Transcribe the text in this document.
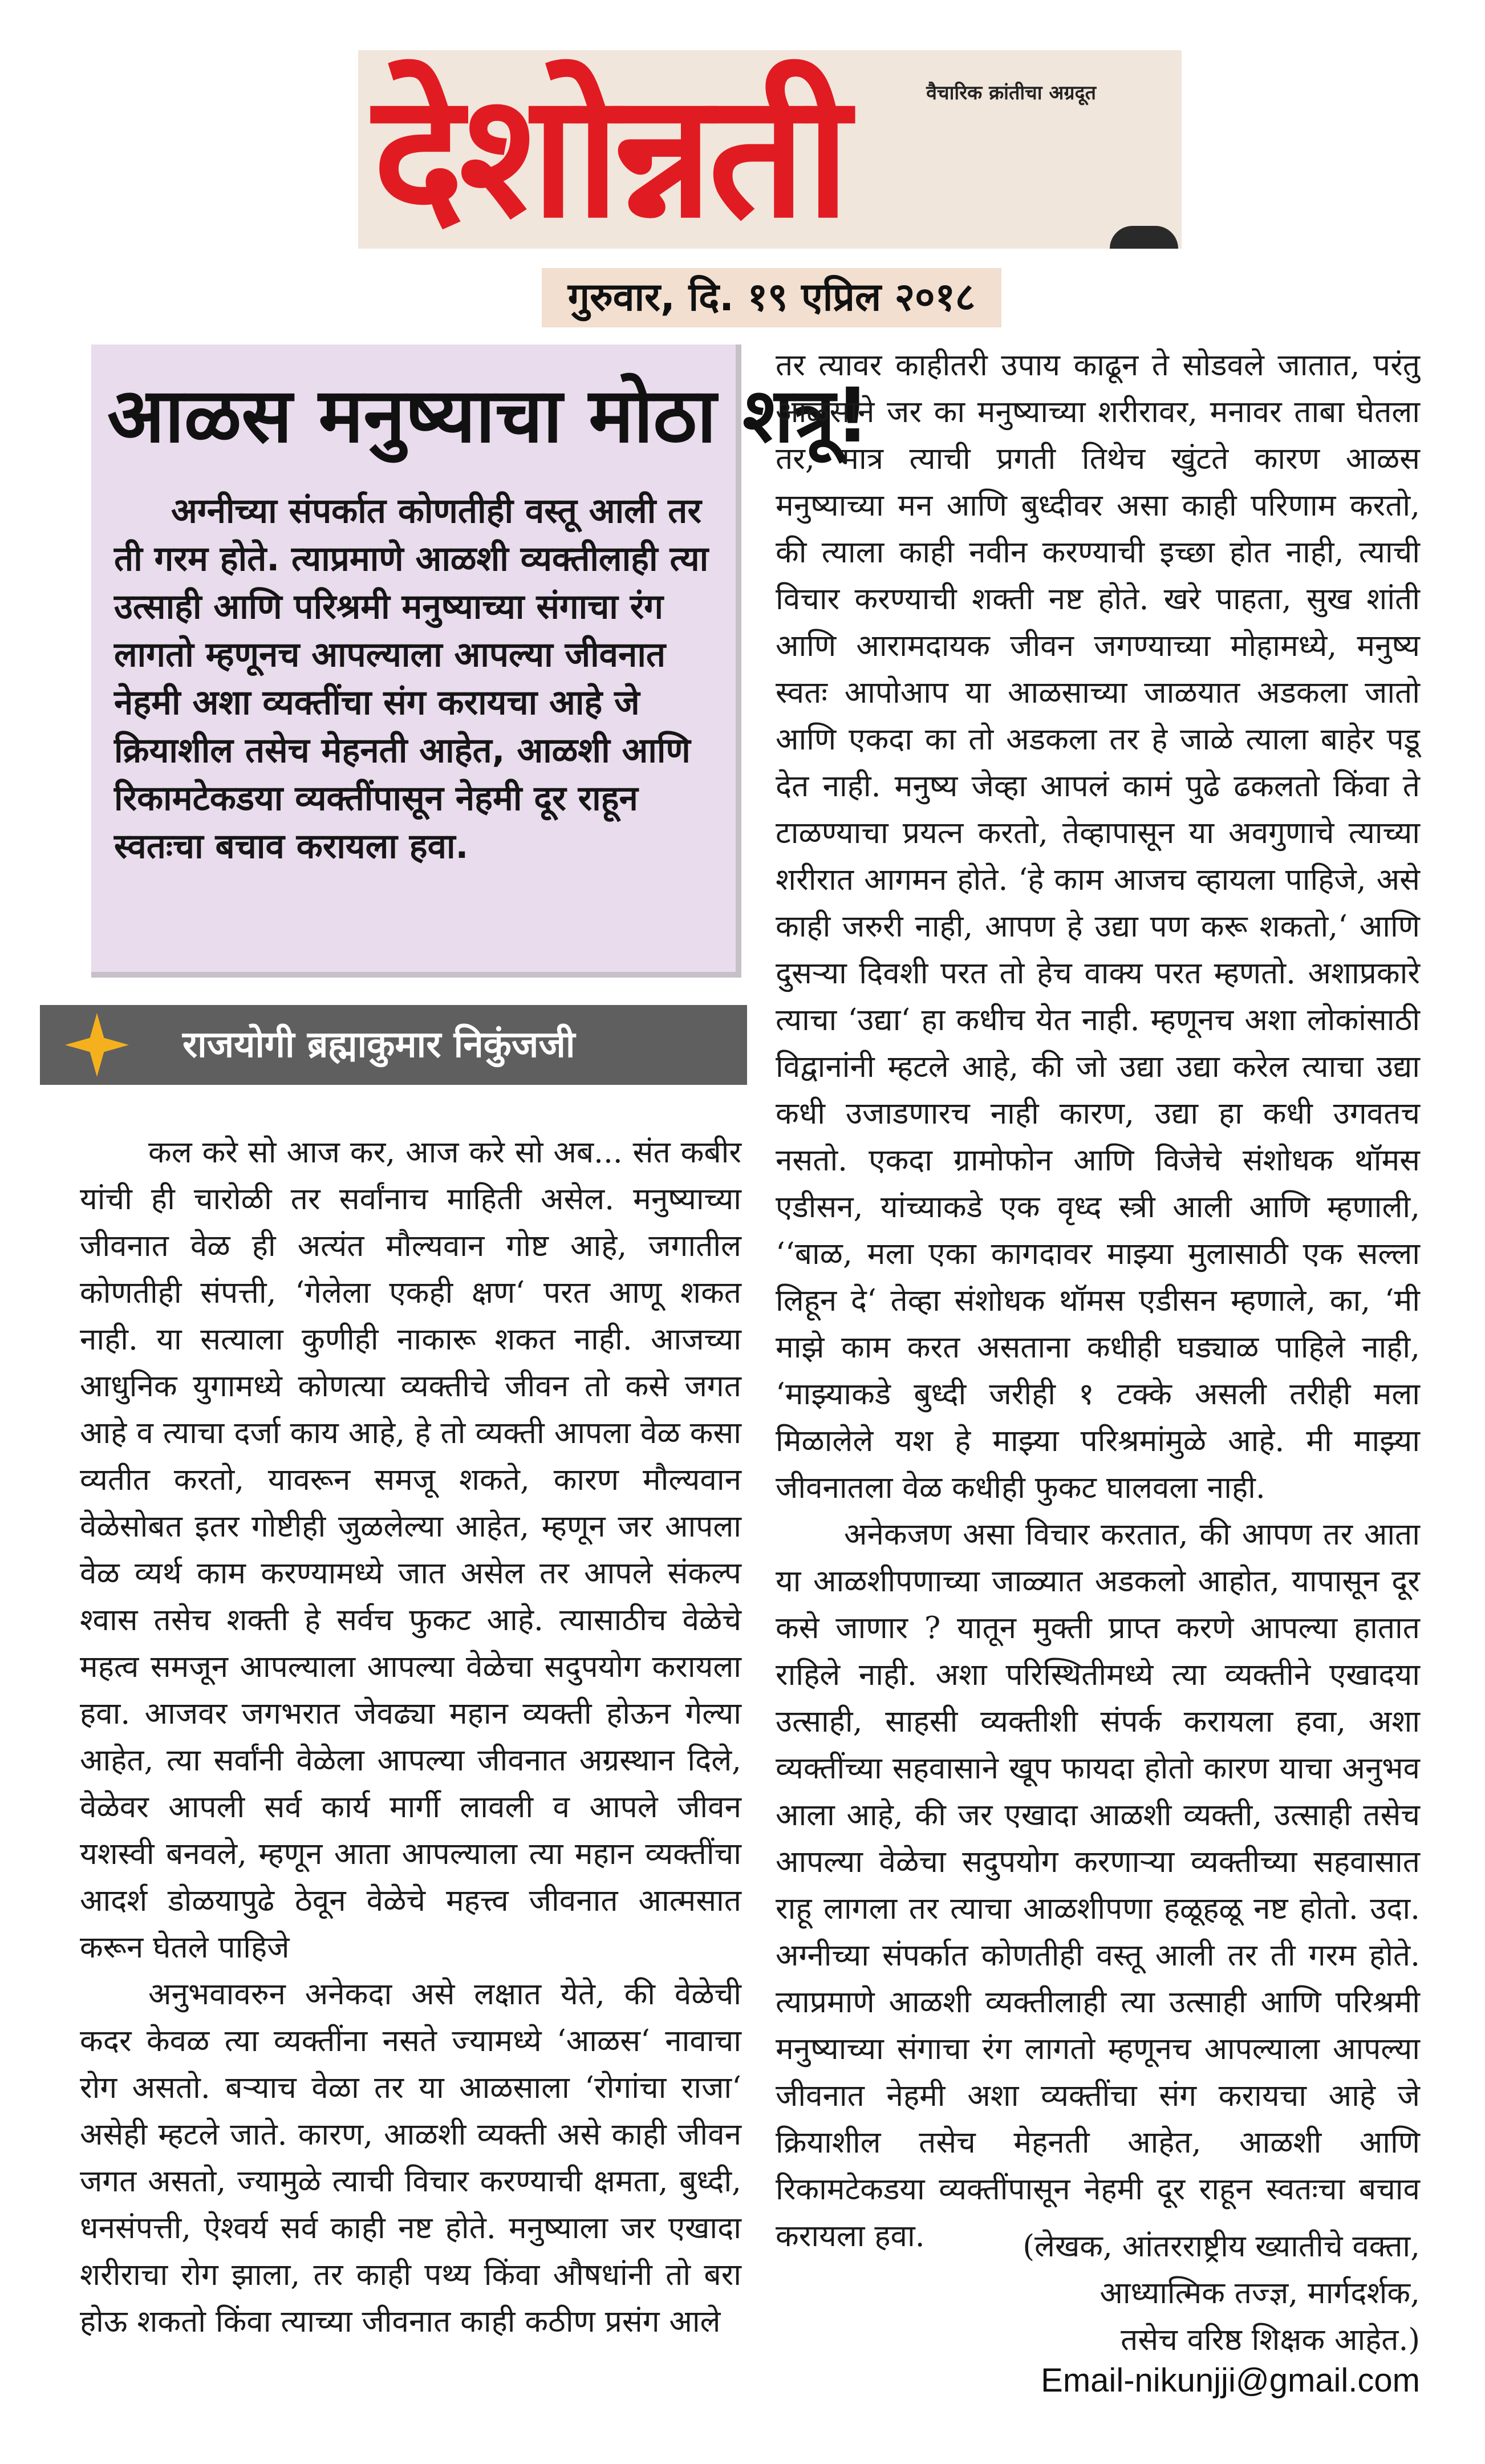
वैचारिक क्रांतीचा अग्रदूत
देशोन्नती
गुरुवार, दि. १९ एप्रिल २०१८
आळस मनुष्याचा मोठा शत्रू!
अग्नीच्या संपर्कात कोणतीही वस्तू आली तर ती गरम होते. त्याप्रमाणे आळशी व्यक्तीलाही त्या उत्साही आणि परिश्रमी मनुष्याच्या संगाचा रंग लागतो म्हणूनच आपल्याला आपल्या जीवनात नेहमी अशा व्यक्तींचा संग करायचा आहे जे क्रियाशील तसेच मेहनती आहेत, आळशी आणि रिकामटेकडया व्यक्तींपासून नेहमी दूर राहून स्वतःचा बचाव करायला हवा.
राजयोगी ब्रह्माकुमार निकुंजजी

कल करे सो आज कर, आज करे सो अब... संत कबीर यांची ही चारोळी तर सर्वांनाच माहिती असेल. मनुष्याच्या जीवनात वेळ ही अत्यंत मौल्यवान गोष्ट आहे, जगातील कोणतीही संपत्ती, ‘गेलेला एकही क्षण‘ परत आणू शकत नाही. या सत्याला कुणीही नाकारू शकत नाही. आजच्या आधुनिक युगामध्ये कोणत्या व्यक्तीचे जीवन तो कसे जगत आहे व त्याचा दर्जा काय आहे, हे तो व्यक्ती आपला वेळ कसा व्यतीत करतो, यावरून समजू शकते, कारण मौल्यवान वेळेसोबत इतर गोष्टीही जुळलेल्या आहेत, म्हणून जर आपला वेळ व्यर्थ काम करण्यामध्ये जात असेल तर आपले संकल्प श्वास तसेच शक्ती हे सर्वच फुकट आहे. त्यासाठीच वेळेचे महत्व समजून आपल्याला आपल्या वेळेचा सदुपयोग करायला हवा. आजवर जगभरात जेवढ्या महान व्यक्ती होऊन गेल्या आहेत, त्या सर्वांनी वेळेला आपल्या जीवनात अग्रस्थान दिले, वेळेवर आपली सर्व कार्य मार्गी लावली व आपले जीवन यशस्वी बनवले, म्हणून आता आपल्याला त्या महान व्यक्तींचा आदर्श डोळयापुढे ठेवून वेळेचे महत्त्व जीवनात आत्मसात करून घेतले पाहिजे

अनुभवावरुन अनेकदा असे लक्षात येते, की वेळेची कदर केवळ त्या व्यक्तींना नसते ज्यामध्ये ‘आळस‘ नावाचा रोग असतो. बऱ्याच वेळा तर या आळसाला ‘रोगांचा राजा‘ असेही म्हटले जाते. कारण, आळशी व्यक्ती असे काही जीवन जगत असतो, ज्यामुळे त्याची विचार करण्याची क्षमता, बुध्दी, धनसंपत्ती, ऐश्वर्य सर्व काही नष्ट होते. मनुष्याला जर एखादा शरीराचा रोग झाला, तर काही पथ्य किंवा औषधांनी तो बरा होऊ शकतो किंवा त्याच्या जीवनात काही कठीण प्रसंग आले

तर त्यावर काहीतरी उपाय काढून ते सोडवले जातात, परंतु आळसाने जर का मनुष्याच्या शरीरावर, मनावर ताबा घेतला तर, मात्र त्याची प्रगती तिथेच खुंटते कारण आळस मनुष्याच्या मन आणि बुध्दीवर असा काही परिणाम करतो, की त्याला काही नवीन करण्याची इच्छा होत नाही, त्याची विचार करण्याची शक्ती नष्ट होते. खरे पाहता, सुख शांती आणि आरामदायक जीवन जगण्याच्या मोहामध्ये, मनुष्य स्वतः आपोआप या आळसाच्या जाळयात अडकला जातो आणि एकदा का तो अडकला तर हे जाळे त्याला बाहेर पडू देत नाही. मनुष्य जेव्हा आपलं कामं पुढे ढकलतो किंवा ते टाळण्याचा प्रयत्न करतो, तेव्हापासून या अवगुणाचे त्याच्या शरीरात आगमन होते. ‘हे काम आजच व्हायला पाहिजे, असे काही जरुरी नाही, आपण हे उद्या पण करू शकतो,‘ आणि दुसऱ्या दिवशी परत तो हेच वाक्य परत म्हणतो. अशाप्रकारे त्याचा ‘उद्या‘ हा कधीच येत नाही. म्हणूनच अशा लोकांसाठी विद्वानांनी म्हटले आहे, की जो उद्या उद्या करेल त्याचा उद्या कधी उजाडणारच नाही कारण, उद्या हा कधी उगवतच नसतो. एकदा ग्रामोफोन आणि विजेचे संशोधक थॉमस एडीसन, यांच्याकडे एक वृध्द स्त्री आली आणि म्हणाली, ‘‘बाळ, मला एका कागदावर माझ्या मुलासाठी एक सल्ला लिहून दे‘ तेव्हा संशोधक थॉमस एडीसन म्हणाले, का, ‘मी माझे काम करत असताना कधीही घड्याळ पाहिले नाही, ‘माझ्याकडे बुध्दी जरीही १ टक्के असली तरीही मला मिळालेले यश हे माझ्या परिश्रमांमुळे आहे. मी माझ्या जीवनातला वेळ कधीही फुकट घालवला नाही.

अनेकजण असा विचार करतात, की आपण तर आता या आळशीपणाच्या जाळ्यात अडकलो आहोत, यापासून दूर कसे जाणार ? यातून मुक्ती प्राप्त करणे आपल्या हातात राहिले नाही. अशा परिस्थितीमध्ये त्या व्यक्तीने एखादया उत्साही, साहसी व्यक्तीशी संपर्क करायला हवा, अशा व्यक्तींच्या सहवासाने खूप फायदा होतो कारण याचा अनुभव आला आहे, की जर एखादा आळशी व्यक्ती, उत्साही तसेच आपल्या वेळेचा सदुपयोग करणाऱ्या व्यक्तीच्या सहवासात राहू लागला तर त्याचा आळशीपणा हळूहळू नष्ट होतो. उदा. अग्नीच्या संपर्कात कोणतीही वस्तू आली तर ती गरम होते. त्याप्रमाणे आळशी व्यक्तीलाही त्या उत्साही आणि परिश्रमी मनुष्याच्या संगाचा रंग लागतो म्हणूनच आपल्याला आपल्या जीवनात नेहमी अशा व्यक्तींचा संग करायचा आहे जे क्रियाशील तसेच मेहनती आहेत, आळशी आणि रिकामटेकडया व्यक्तींपासून नेहमी दूर राहून स्वतःचा बचाव करायला हवा.	(लेखक, आंतरराष्ट्रीय ख्यातीचे वक्ता,
आध्यात्मिक तज्ज्ञ, मार्गदर्शक,
तसेच वरिष्ठ शिक्षक आहेत.)
Email-nikunjji@gmail.com
